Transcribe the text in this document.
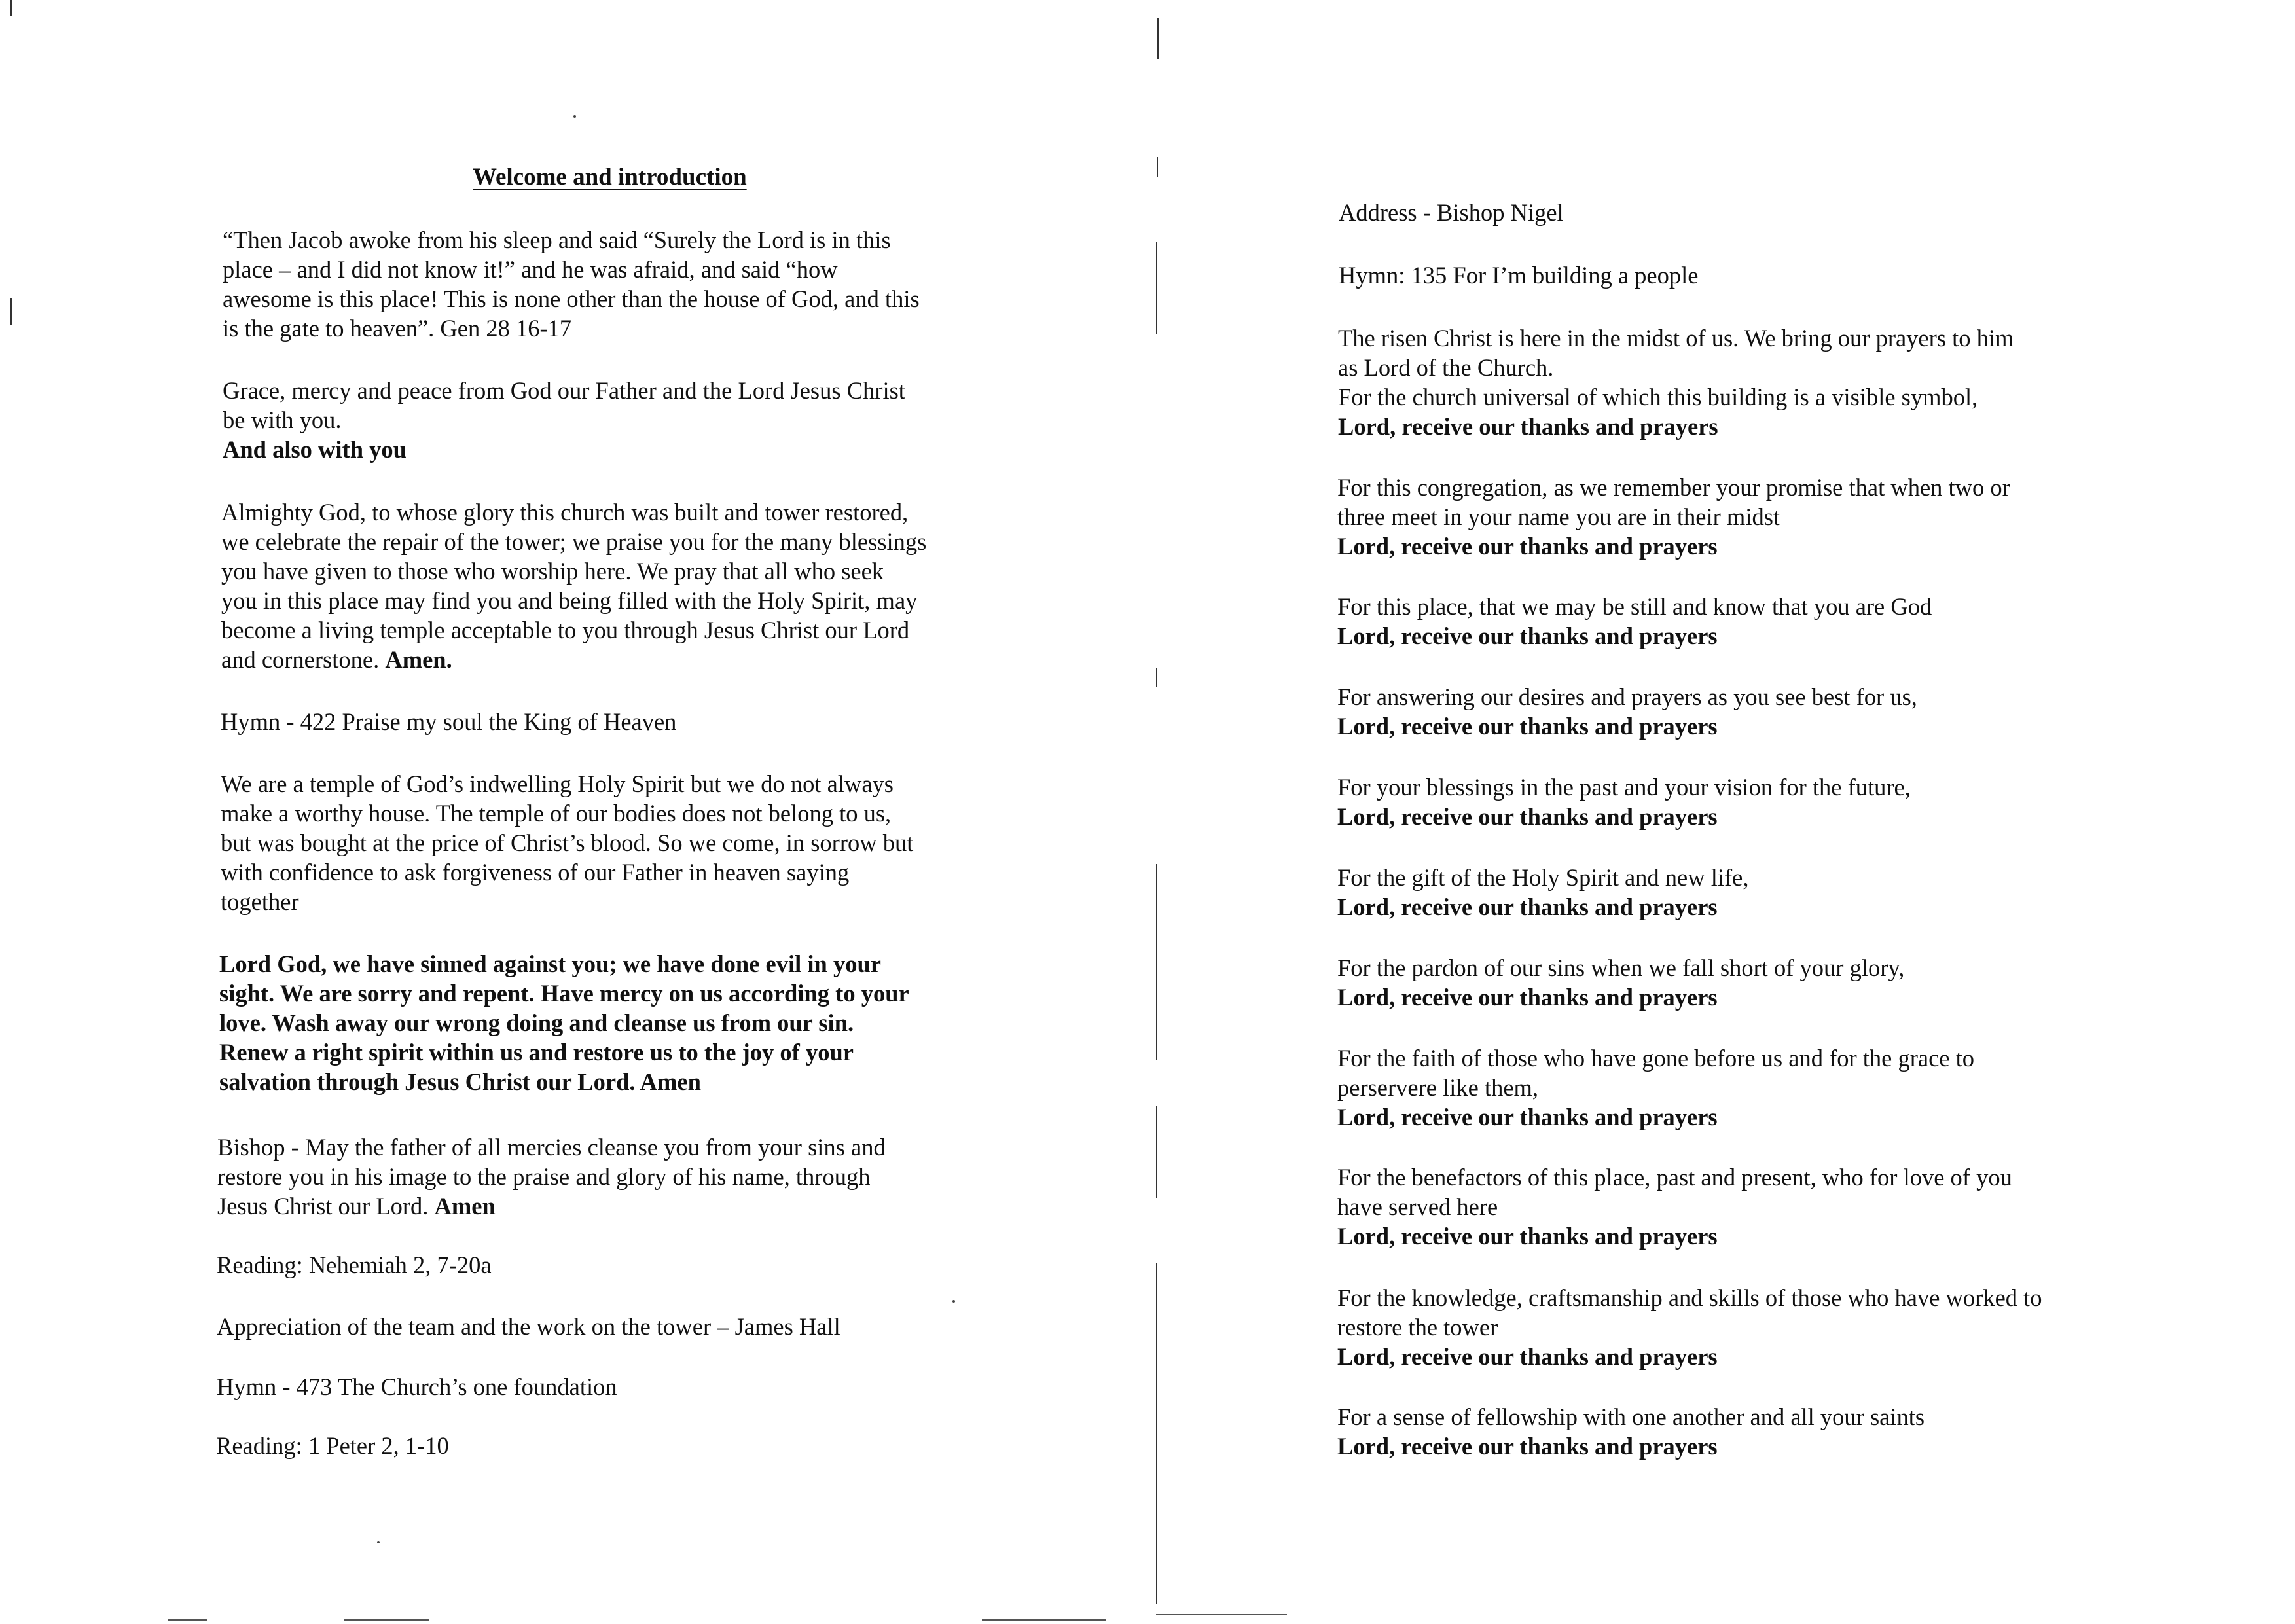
Welcome and introduction

“Then Jacob awoke from his sleep and said “Surely the Lord is in this
place – and I did not know it!” and he was afraid, and said “how
awesome is this place! This is none other than the house of God, and this
is the gate to heaven”. Gen 28 16-17

Grace, mercy and peace from God our Father and the Lord Jesus Christ
be with you.

And also with you

Almighty God, to whose glory this church was built and tower restored,
we celebrate the repair of the tower; we praise you for the many blessings
you have given to those who worship here. We pray that all who seek
you in this place may find you and being filled with the Holy Spirit, may
become a living temple acceptable to you through Jesus Christ our Lord
and cornerstone. Amen.

Hymn - 422 Praise my soul the King of Heaven

We are a temple of God’s indwelling Holy Spirit but we do not always
make a worthy house. The temple of our bodies does not belong to us,
but was bought at the price of Christ’s blood. So we come, in sorrow but
with confidence to ask forgiveness of our Father in heaven saying
together

Lord God, we have sinned against you; we have done evil in your
sight. We are sorry and repent. Have mercy on us according to your
love. Wash away our wrong doing and cleanse us from our sin.
Renew a right spirit within us and restore us to the joy of your
salvation through Jesus Christ our Lord. Amen

Bishop - May the father of all mercies cleanse you from your sins and
restore you in his image to the praise and glory of his name, through
Jesus Christ our Lord. Amen

Reading: Nehemiah 2, 7-20a

Appreciation of the team and the work on the tower – James Hall

Hymn - 473 The Church’s one foundation

Reading: 1 Peter 2, 1-10

Address - Bishop Nigel

Hymn: 135 For I’m building a people

The risen Christ is here in the midst of us. We bring our prayers to him
as Lord of the Church.

For the church universal of which this building is a visible symbol,
Lord, receive our thanks and prayers

For this congregation, as we remember your promise that when two or
three meet in your name you are in their midst
Lord, receive our thanks and prayers

For this place, that we may be still and know that you are God
Lord, receive our thanks and prayers

For answering our desires and prayers as you see best for us,
Lord, receive our thanks and prayers

For your blessings in the past and your vision for the future,
Lord, receive our thanks and prayers

For the gift of the Holy Spirit and new life,
Lord, receive our thanks and prayers

For the pardon of our sins when we fall short of your glory,
Lord, receive our thanks and prayers

For the faith of those who have gone before us and for the grace to
perservere like them,
Lord, receive our thanks and prayers

For the benefactors of this place, past and present, who for love of you
have served here
Lord, receive our thanks and prayers

For the knowledge, craftsmanship and skills of those who have worked to
restore the tower
Lord, receive our thanks and prayers

For a sense of fellowship with one another and all your saints
Lord, receive our thanks and prayers
